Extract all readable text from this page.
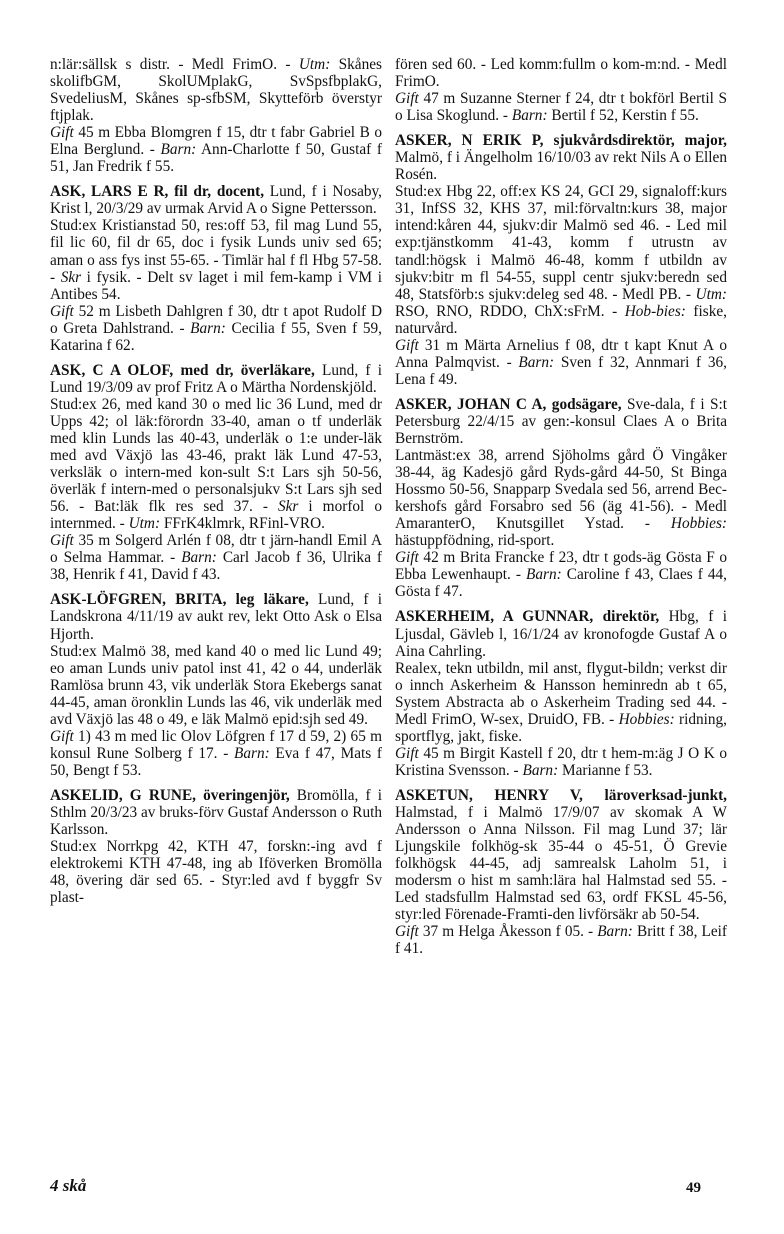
n:lär:sällsk s distr. - Medl FrimO. - Utm: Skånes skolifbGM, SkolUMplakG, SvSpsfbplakG, SvedeliusM, Skånes sp-sfbSM, Skytteförb överstyr ftjplak.

Gift 45 m Ebba Blomgren f 15, dtr t fabr Gabriel B o Elna Berglund. - Barn: Ann-Charlotte f 50, Gustaf f 51, Jan Fredrik f 55.

ASK, LARS E R, fil dr, docent, Lund, f i Nosaby, Krist l, 20/3/29 av urmak Arvid A o Signe Pettersson.

Stud:ex Kristianstad 50, res:off 53, fil mag Lund 55, fil lic 60, fil dr 65, doc i fysik Lunds univ sed 65; aman o ass fys inst 55-65. - Timlär hal f fl Hbg 57-58. - Skr i fysik. - Delt sv laget i mil fem-kamp i VM i Antibes 54.

Gift 52 m Lisbeth Dahlgren f 30, dtr t apot Rudolf D o Greta Dahlstrand. - Barn: Cecilia f 55, Sven f 59, Katarina f 62.

ASK, C A OLOF, med dr, överläkare, Lund, f i Lund 19/3/09 av prof Fritz A o Märtha Nordenskjöld.

Stud:ex 26, med kand 30 o med lic 36 Lund, med dr Upps 42; ol läk:förordn 33-40, aman o tf underläk med klin Lunds las 40-43, underläk o 1:e under-läk med avd Växjö las 43-46, prakt läk Lund 47-53, verksläk o intern-med kon-sult S:t Lars sjh 50-56, överläk f intern-med o personalsjukv S:t Lars sjh sed 56. - Bat:läk flk res sed 37. - Skr i morfol o internmed. - Utm: FFrK4klmrk, RFinl-VRO.

Gift 35 m Solgerd Arlén f 08, dtr t järn-handl Emil A o Selma Hammar. - Barn: Carl Jacob f 36, Ulrika f 38, Henrik f 41, David f 43.

ASK-LÖFGREN, BRITA, leg läkare, Lund, f i Landskrona 4/11/19 av aukt rev, lekt Otto Ask o Elsa Hjorth.

Stud:ex Malmö 38, med kand 40 o med lic Lund 49; eo aman Lunds univ patol inst 41, 42 o 44, underläk Ramlösa brunn 43, vik underläk Stora Ekebergs sanat 44-45, aman öronklin Lunds las 46, vik underläk med avd Växjö las 48 o 49, e läk Malmö epid:sjh sed 49.

Gift 1) 43 m med lic Olov Löfgren f 17 d 59, 2) 65 m konsul Rune Solberg f 17. - Barn: Eva f 47, Mats f 50, Bengt f 53.

ASKELID, G RUNE, överingenjör, Bromölla, f i Sthlm 20/3/23 av bruks-förv Gustaf Andersson o Ruth Karlsson.

Stud:ex Norrkpg 42, KTH 47, forskn:-ing avd f elektrokemi KTH 47-48, ing ab Iföverken Bromölla 48, övering där sed 65. - Styr:led avd f byggfr Sv plast-

fören sed 60. - Led komm:fullm o kom-m:nd. - Medl FrimO.

Gift 47 m Suzanne Sterner f 24, dtr t bokförl Bertil S o Lisa Skoglund. - Barn: Bertil f 52, Kerstin f 55.

ASKER, N ERIK P, sjukvårdsdirektör, major, Malmö, f i Ängelholm 16/10/03 av rekt Nils A o Ellen Rosén.

Stud:ex Hbg 22, off:ex KS 24, GCI 29, signaloff:kurs 31, InfSS 32, KHS 37, mil:förvaltn:kurs 38, major intend:kåren 44, sjukv:dir Malmö sed 46. - Led mil exp:tjänstkomm 41-43, komm f utrustn av tandl:högsk i Malmö 46-48, komm f utbildn av sjukv:bitr m fl 54-55, suppl centr sjukv:beredn sed 48, Statsförb:s sjukv:deleg sed 48. - Medl PB. - Utm: RSO, RNO, RDDO, ChX:sFrM. - Hob-bies: fiske, naturvård.

Gift 31 m Märta Arnelius f 08, dtr t kapt Knut A o Anna Palmqvist. - Barn: Sven f 32, Annmari f 36, Lena f 49.

ASKER, JOHAN C A, godsägare, Sve-dala, f i S:t Petersburg 22/4/15 av gen:-konsul Claes A o Brita Bernström.

Lantmäst:ex 38, arrend Sjöholms gård Ö Vingåker 38-44, äg Kadesjö gård Ryds-gård 44-50, St Binga Hossmo 50-56, Snapparp Svedala sed 56, arrend Bec-kershofs gård Forsabro sed 56 (äg 41-56). - Medl AmaranterO, Knutsgillet Ystad. - Hobbies: hästuppfödning, rid-sport.

Gift 42 m Brita Francke f 23, dtr t gods-äg Gösta F o Ebba Lewenhaupt. - Barn: Caroline f 43, Claes f 44, Gösta f 47.

ASKERHEIM, A GUNNAR, direktör, Hbg, f i Ljusdal, Gävleb l, 16/1/24 av kronofogde Gustaf A o Aina Cahrling.

Realex, tekn utbildn, mil anst, flygut-bildn; verkst dir o innch Askerheim & Hansson heminredn ab t 65, System Abstracta ab o Askerheim Trading sed 44. - Medl FrimO, W-sex, DruidO, FB. - Hobbies: ridning, sportflyg, jakt, fiske.

Gift 45 m Birgit Kastell f 20, dtr t hem-m:äg J O K o Kristina Svensson. - Barn: Marianne f 53.

ASKETUN, HENRY V, läroverksad-junkt, Halmstad, f i Malmö 17/9/07 av skomak A W Andersson o Anna Nilsson. Fil mag Lund 37; lär Ljungskile folkhög-sk 35-44 o 45-51, Ö Grevie folkhögsk 44-45, adj samrealsk Laholm 51, i modersm o hist m samh:lära hal Halmstad sed 55. - Led stadsfullm Halmstad sed 63, ordf FKSL 45-56, styr:led Förenade-Framti-den livförsäkr ab 50-54.

Gift 37 m Helga Åkesson f 05. - Barn: Britt f 38, Leif f 41.

4 skå	49
